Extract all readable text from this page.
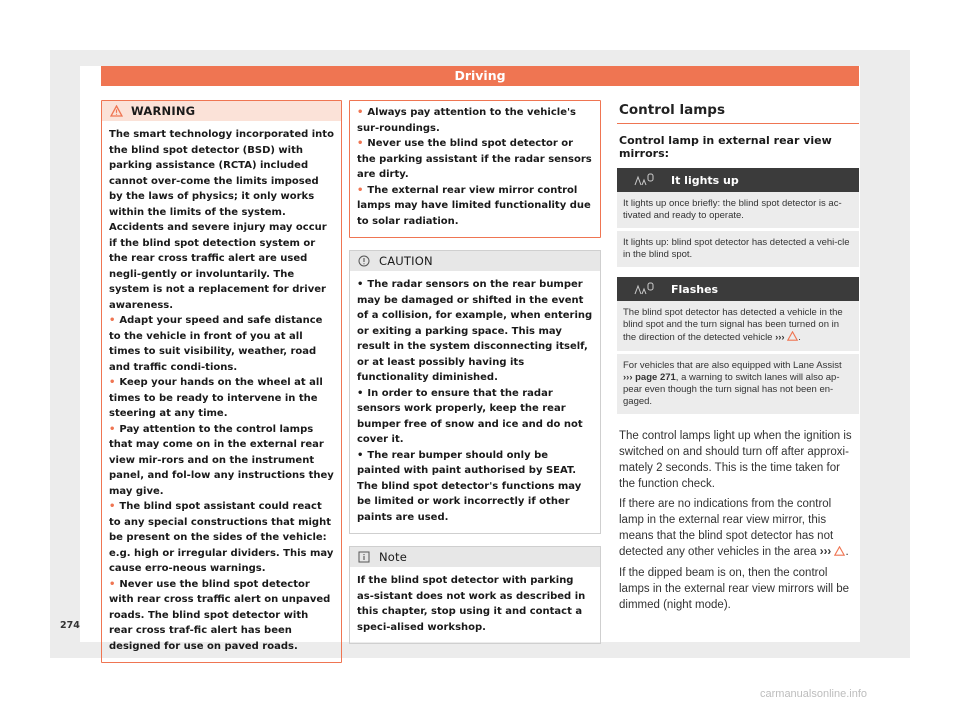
Driving
WARNING
The smart technology incorporated into the blind spot detector (BSD) with parking assistance (RCTA) included cannot over-come the limits imposed by the laws of physics; it only works within the limits of the system. Accidents and severe injury may occur if the blind spot detection system or the rear cross traffic alert are used negli-gently or involuntarily. The system is not a replacement for driver awareness.
• Adapt your speed and safe distance to the vehicle in front of you at all times to suit visibility, weather, road and traffic condi-tions.
• Keep your hands on the wheel at all times to be ready to intervene in the steering at any time.
• Pay attention to the control lamps that may come on in the external rear view mir-rors and on the instrument panel, and fol-low any instructions they may give.
• The blind spot assistant could react to any special constructions that might be present on the sides of the vehicle: e.g. high or irregular dividers. This may cause erro-neous warnings.
• Never use the blind spot detector with rear cross traffic alert on unpaved roads. The blind spot detector with rear cross traf-fic alert has been designed for use on paved roads.
• Always pay attention to the vehicle's sur-roundings.
• Never use the blind spot detector or the parking assistant if the radar sensors are dirty.
• The external rear view mirror control lamps may have limited functionality due to solar radiation.
CAUTION
• The radar sensors on the rear bumper may be damaged or shifted in the event of a collision, for example, when entering or exiting a parking space. This may result in the system disconnecting itself, or at least possibly having its functionality diminished.
• In order to ensure that the radar sensors work properly, keep the rear bumper free of snow and ice and do not cover it.
• The rear bumper should only be painted with paint authorised by SEAT. The blind spot detector's functions may be limited or work incorrectly if other paints are used.
Note
If the blind spot detector with parking as-sistant does not work as described in this chapter, stop using it and contact a speci-alised workshop.
Control lamps
Control lamp in external rear view mirrors:
It lights up
It lights up once briefly: the blind spot detector is ac-tivated and ready to operate.
It lights up: blind spot detector has detected a vehi-cle in the blind spot.
Flashes
The blind spot detector has detected a vehicle in the blind spot and the turn signal has been turned on in the direction of the detected vehicle ››› .
For vehicles that are also equipped with Lane Assist ››› page 271, a warning to switch lanes will also ap-pear even though the turn signal has not been en-gaged.

The control lamps light up when the ignition is switched on and should turn off after approxi-mately 2 seconds. This is the time taken for the function check.

If there are no indications from the control lamp in the external rear view mirror, this means that the blind spot detector has not detected any other vehicles in the area ››› .

If the dipped beam is on, then the control lamps in the external rear view mirrors will be dimmed (night mode).

274
carmanualsonline.info
